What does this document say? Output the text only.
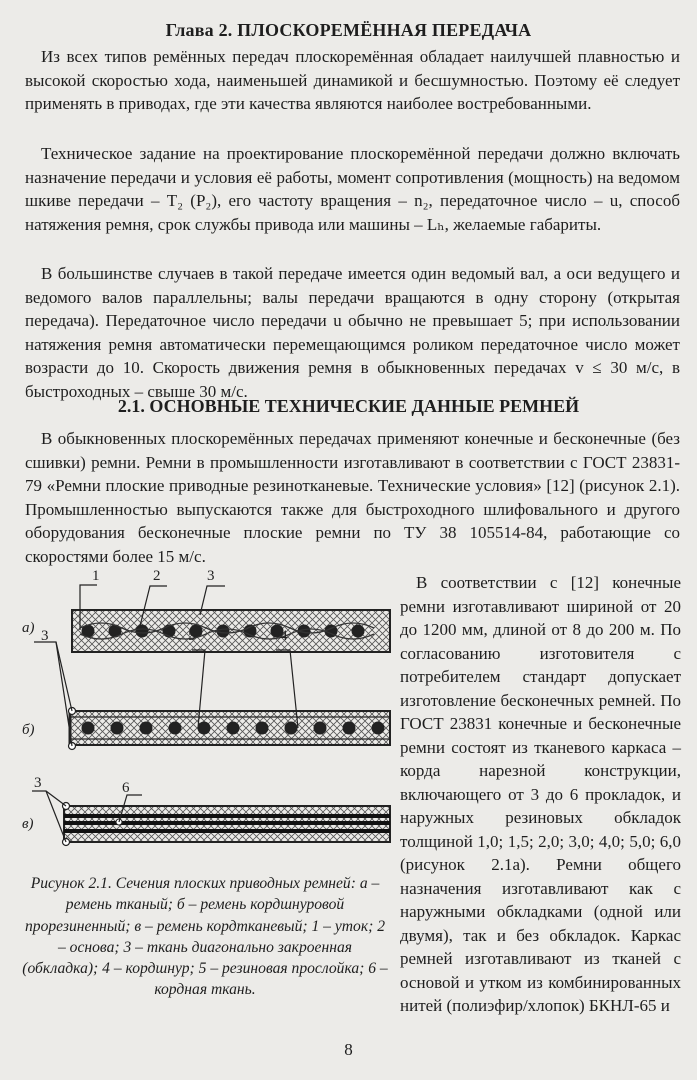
Глава 2. ПЛОСКОРЕМЁННАЯ ПЕРЕДАЧА

Из всех типов ремённых передач плоскоремённая обладает наилучшей плавностью и высокой скоростью хода, наименьшей динамикой и бесшумностью. Поэтому её следует применять в приводах, где эти качества являются наиболее востребованными.

Техническое задание на проектирование плоскоремённой передачи должно включать назначение передачи и условия её работы, момент сопротивления (мощность) на ведомом шкиве передачи – T₂ (P₂), его частоту вращения – n₂, передаточное число – u, способ натяжения ремня, срок службы привода или машины – Lₕ, желаемые габариты.

В большинстве случаев в такой передаче имеется один ведомый вал, а оси ведущего и ведомого валов параллельны; валы передачи вращаются в одну сторону (открытая передача). Передаточное число передачи u обычно не превышает 5; при использовании натяжения ремня автоматически перемещающимся роликом передаточное число может возрасти до 10. Скорость движения ремня в обыкновенных передачах v ≤ 30 м/с, в быстроходных – свыше 30 м/с.

2.1. ОСНОВНЫЕ ТЕХНИЧЕСКИЕ ДАННЫЕ РЕМНЕЙ

В обыкновенных плоскоремённых передачах применяют конечные и бесконечные (без сшивки) ремни. Ремни в промышленности изготавливают в соответствии с ГОСТ 23831-79 «Ремни плоские приводные резинотканевые. Технические условия» [12] (рисунок 2.1). Промышленностью выпускаются также для быстроходного шлифовального и другого оборудования бесконечные плоские ремни по ТУ 38 105514-84, работающие со скоростями более 15 м/с.

1	2	3
а) 3	5	4
б)
3	6
в)

Рисунок 2.1. Сечения плоских приводных ремней: а – ремень тканый; б – ремень кордшнуровой прорезиненный; в – ремень кордтканевый; 1 – уток; 2 – основа; 3 – ткань диагонально закроенная (обкладка); 4 – кордшнур; 5 – резиновая прослойка; 6 – кордная ткань.

В соответствии с [12] конечные ремни изготавливают шириной от 20 до 1200 мм, длиной от 8 до 200 м. По согласованию изготовителя с потребителем стандарт допускает изготовление бесконечных ремней. По ГОСТ 23831 конечные и бесконечные ремни состоят из тканевого каркаса – корда нарезной конструкции, включающего от 3 до 6 прокладок, и наружных резиновых обкладок толщиной 1,0; 1,5; 2,0; 3,0; 4,0; 5,0; 6,0 (рисунок 2.1а). Ремни общего назначения изготавливают как с наружными обкладками (одной или двумя), так и без обкладок. Каркас ремней изготавливают из тканей с основой и утком из комбинированных нитей (полиэфир/хлопок) БКНЛ-65 и

8
